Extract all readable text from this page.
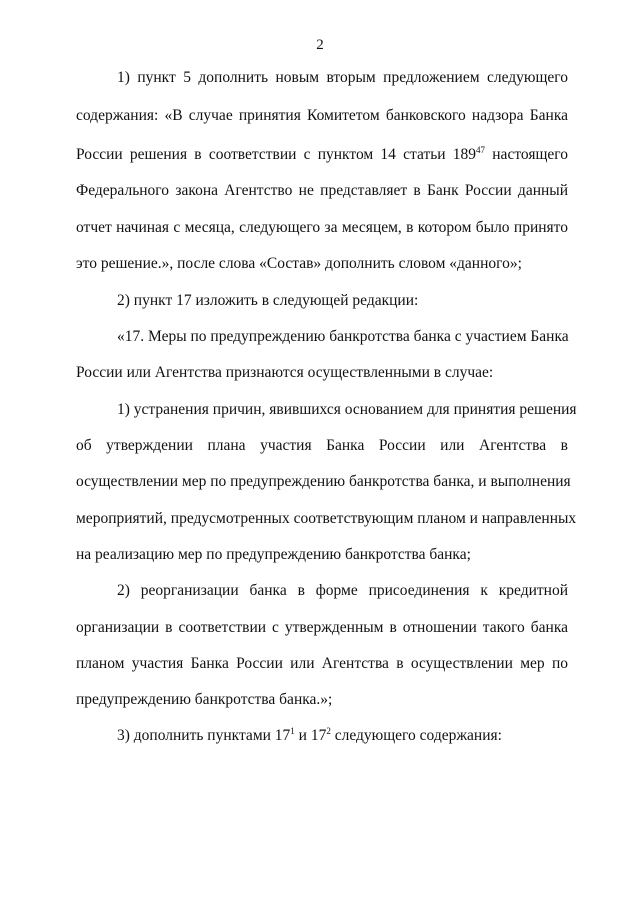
2
1) пункт 5 дополнить новым вторым предложением следующего
содержания: «В случае принятия Комитетом банковского надзора Банка
России решения в соответствии с пунктом 14 статьи $189^{47}$ настоящего
Федерального закона Агентство не представляет в Банк России данный
отчет начиная с месяца, следующего за месяцем, в котором было принято
это решение.», после слова «Состав» дополнить словом «данного»;
2) пункт 17 изложить в следующей редакции:
«17. Меры по предупреждению банкротства банка с участием Банка
России или Агентства признаются осуществленными в случае:
1) устранения причин, явившихся основанием для принятия решения
об утверждении плана участия Банка России или Агентства в
осуществлении мер по предупреждению банкротства банка, и выполнения
мероприятий, предусмотренных соответствующим планом и направленных
на реализацию мер по предупреждению банкротства банка;
2) реорганизации банка в форме присоединения к кредитной
организации в соответствии с утвержденным в отношении такого банка
планом участия Банка России или Агентства в осуществлении мер по
предупреждению банкротства банка.»;
3) дополнить пунктами $17^1$ и $17^2$ следующего содержания:
